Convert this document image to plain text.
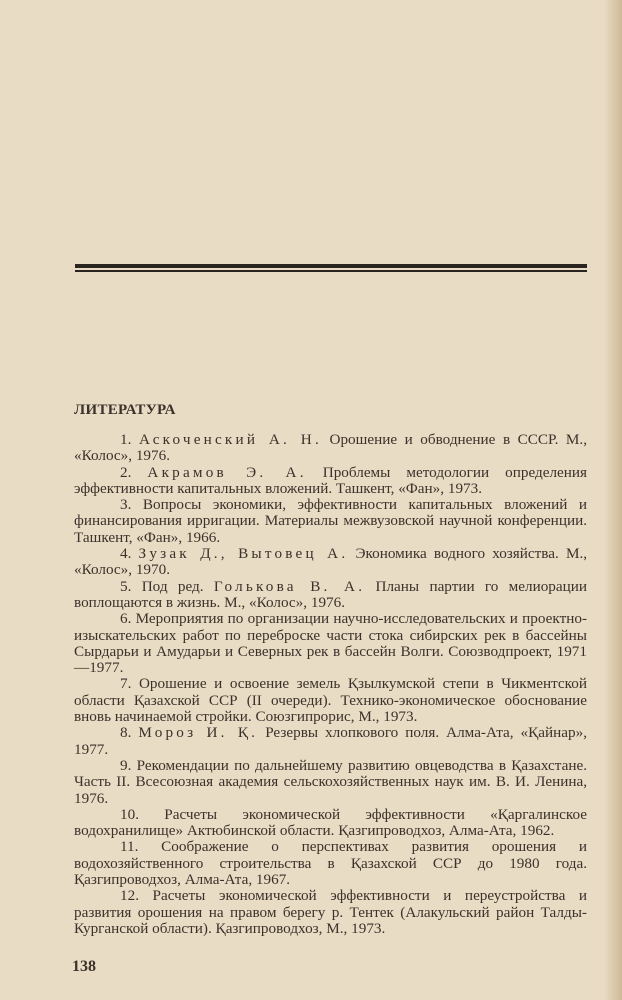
ЛИТЕРАТУРА

1. Аскоченский А. Н. Орошение и обводнение в СССР. М., «Колос», 1976.

2. Акрамов Э. А. Проблемы методологии определения эффективности капитальных вложений. Ташкент, «Фан», 1973.

3. Вопросы экономики, эффективности капитальных вложений и финансирования ирригации. Материалы межвузовской научной конференции. Ташкент, «Фан», 1966.

4. Зузак Д., Вытовец А. Экономика водного хозяйства. М., «Колос», 1970.

5. Под ред. Голькова В. А. Планы партии го мелиорации воплощаются в жизнь. М., «Колос», 1976.

6. Мероприятия по организации научно-исследовательских и проектно-изыскательских работ по переброске части стока сибирских рек в бассейны Сырдарьи и Амударьи и Северных рек в бассейн Волги. Союзводпроект, 1971—1977.

7. Орошение и освоение земель Қзылкумской степи в Чикментской области Қазахской ССР (II очереди). Технико-экономическое обоснование вновь начинаемой стройки. Союзгипрорис, М., 1973.

8. Мороз И. Қ. Резервы хлопкового поля. Алма-Ата, «Қайнар», 1977.

9. Рекомендации по дальнейшему развитию овцеводства в Қазахстане. Часть II. Всесоюзная академия сельскохозяйственных наук им. В. И. Ленина, 1976.

10. Расчеты экономической эффективности «Қаргалинское водохранилище» Актюбинской области. Қазгипроводхоз, Алма-Ата, 1962.

11. Соображение о перспективах развития орошения и водохозяйственного строительства в Қазахской ССР до 1980 года. Қазгипроводхоз, Алма-Ата, 1967.

12. Расчеты экономической эффективности и переустройства и развития орошения на правом берегу р. Тентек (Алакульский район Талды-Курганской области). Қазгипроводхоз, М., 1973.

138
